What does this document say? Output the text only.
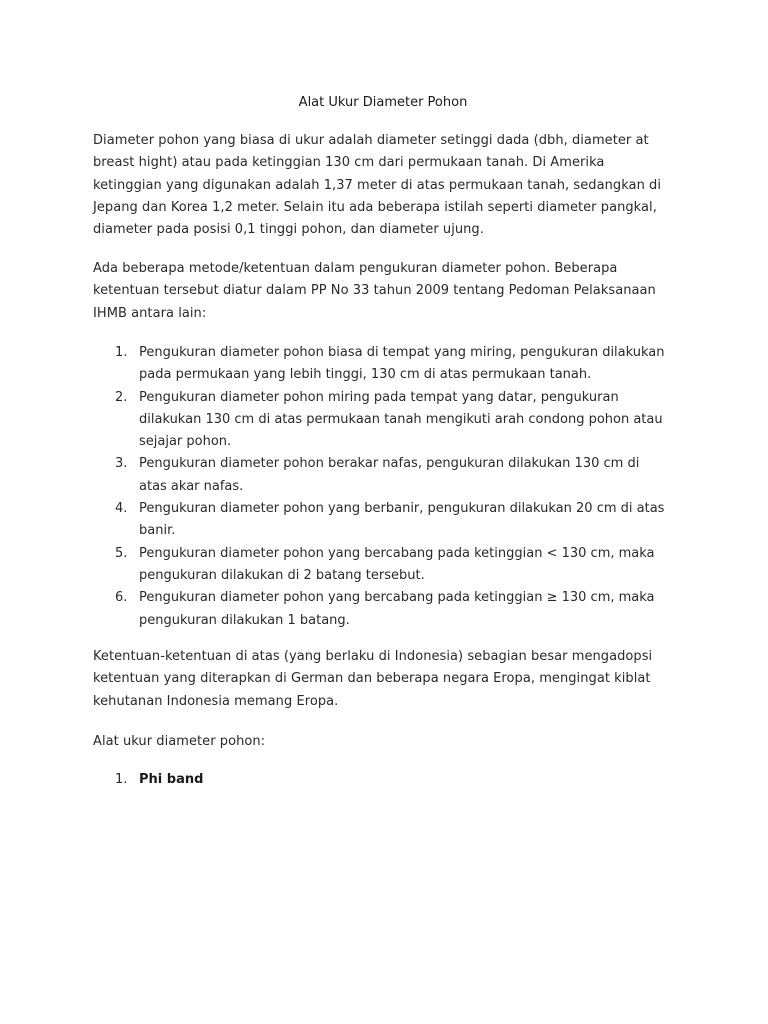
Alat Ukur Diameter Pohon

Diameter pohon yang biasa di ukur adalah diameter setinggi dada (dbh, diameter at
breast hight) atau pada ketinggian 130 cm dari permukaan tanah. Di Amerika
ketinggian yang digunakan adalah 1,37 meter di atas permukaan tanah, sedangkan di
Jepang dan Korea 1,2 meter. Selain itu ada beberapa istilah seperti diameter pangkal,
diameter pada posisi 0,1 tinggi pohon, dan diameter ujung.

Ada beberapa metode/ketentuan dalam pengukuran diameter pohon. Beberapa
ketentuan tersebut diatur dalam PP No 33 tahun 2009 tentang Pedoman Pelaksanaan
IHMB antara lain:

1. Pengukuran diameter pohon biasa di tempat yang miring, pengukuran dilakukan
pada permukaan yang lebih tinggi, 130 cm di atas permukaan tanah.
2. Pengukuran diameter pohon miring pada tempat yang datar, pengukuran
dilakukan 130 cm di atas permukaan tanah mengikuti arah condong pohon atau
sejajar pohon.
3. Pengukuran diameter pohon berakar nafas, pengukuran dilakukan 130 cm di
atas akar nafas.
4. Pengukuran diameter pohon yang berbanir, pengukuran dilakukan 20 cm di atas
banir.
5. Pengukuran diameter pohon yang bercabang pada ketinggian < 130 cm, maka
pengukuran dilakukan di 2 batang tersebut.
6. Pengukuran diameter pohon yang bercabang pada ketinggian ≥ 130 cm, maka
pengukuran dilakukan 1 batang.

Ketentuan-ketentuan di atas (yang berlaku di Indonesia) sebagian besar mengadopsi
ketentuan yang diterapkan di German dan beberapa negara Eropa, mengingat kiblat
kehutanan Indonesia memang Eropa.

Alat ukur diameter pohon:

1. Phi band
